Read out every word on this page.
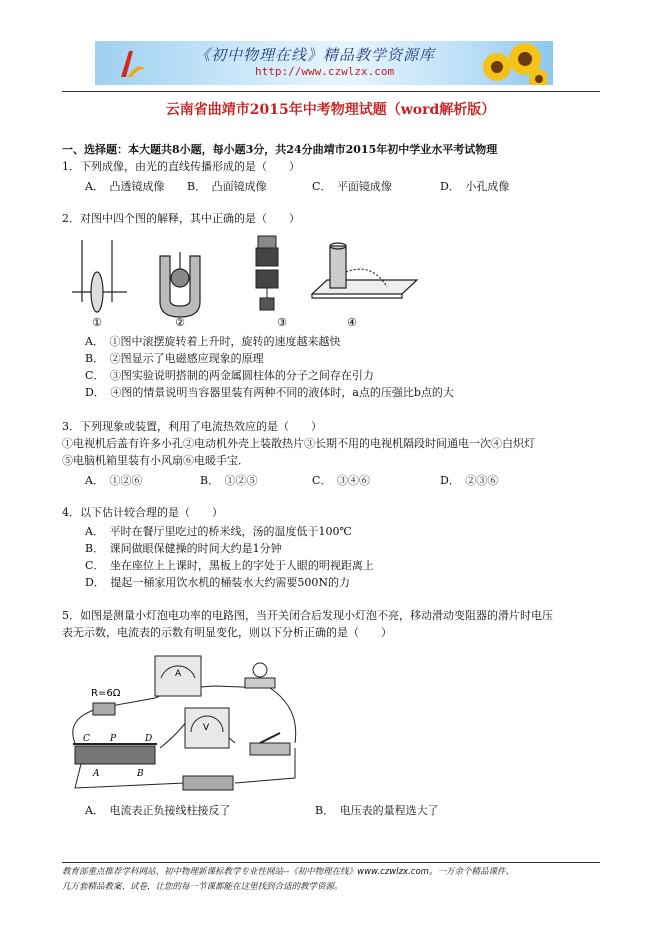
《初中物理在线》精品教学资源库
http://www.czwlzx.com
云南省曲靖市2015年中考物理试题（word解析版）
一、选择题：本大题共8小题，每小题3分，共24分曲靖市2015年初中学业水平考试物理
1．下列成像，由光的直线传播形成的是（　　）
A．　凸透镜成像 B．　凸面镜成像	C．　平面镜成像	D．　小孔成像
2．对图中四个图的解释，其中正确的是（　　）
①	②	③	④
A．　①图中滚摆旋转着上升时，旋转的速度越来越快
B．　②图显示了电磁感应现象的原理
C．　③图实验说明搭制的两金属圆柱体的分子之间存在引力
D．　④图的情景说明当容器里装有两种不同的液体时，a点的压强比b点的大
3．下列现象或装置，利用了电流热效应的是（　　）
①电视机后盖有许多小孔②电动机外壳上装散热片③长期不用的电视机隔段时间通电一次④白炽灯
⑤电脑机箱里装有小风扇⑥电暖手宝．
A．　①②⑥	B．　①②⑤	C．　③④⑥	D．　②③⑥
4．以下估计较合理的是（　　）
A．　平时在餐厅里吃过的桥米线，汤的温度低于100℃
B．　课间做眼保健操的时间大约是1分钟
C．　坐在座位上上课时，黑板上的字处于人眼的明视距离上
D．　提起一桶家用饮水机的桶装水大约需要500N的力
5．如图是测量小灯泡电功率的电路图，当开关闭合后发现小灯泡不亮，移动滑动变阻器的滑片时电压
表无示数，电流表的示数有明显变化，则以下分析正确的是（　　）
R=6Ω
A
V
C P	D
A	B
A．　电流表正负接线柱接反了	B．　电压表的量程选大了
教育部重点推荐学科网站、初中物理新课标教学专业性网站--《初中物理在线》www.czwlzx.com。一万余个精品课件、
几万套精品教案、试卷，让您的每一节课都能在这里找到合适的教学资源。
